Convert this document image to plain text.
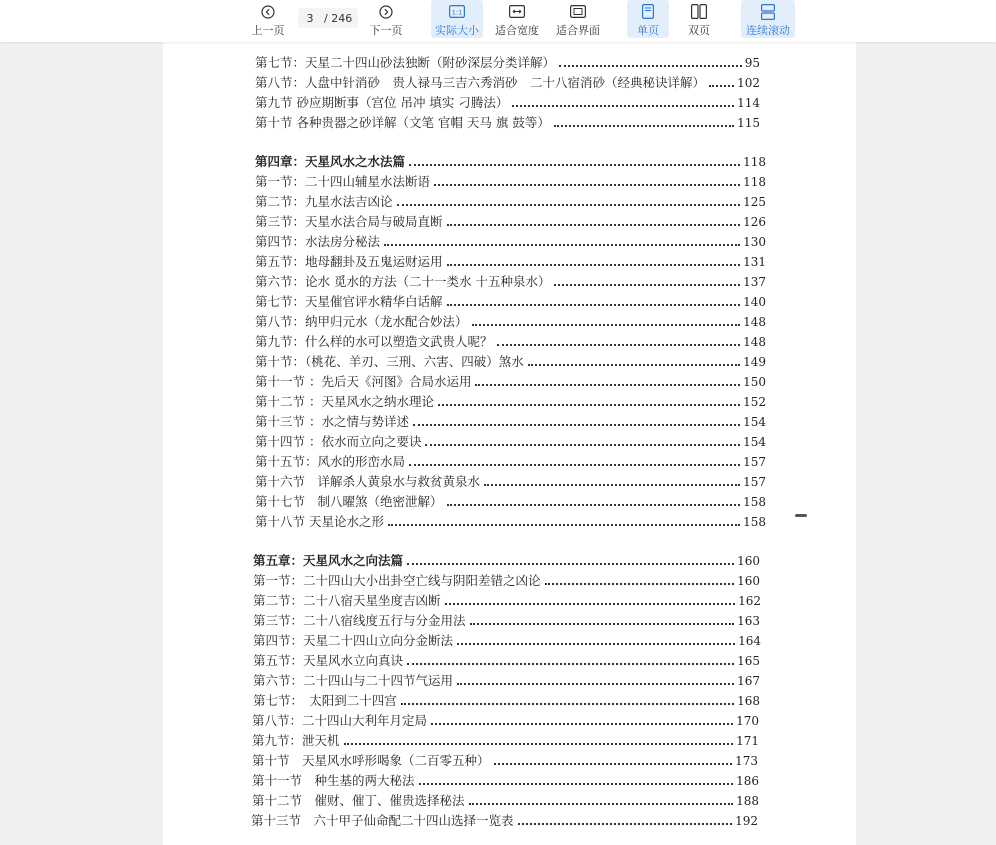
上一页
3 / 246
下一页
1:1
实际大小 适合宽度 适合界面	单页	双页	连续滚动
第七节：天星二十四山砂法独断（附砂深层分类详解）	95
第八节：人盘中针消砂　贵人禄马三吉六秀消砂　二十八宿消砂（经典秘诀详解）	102
第九节 砂应期断事（宫位 吊冲 填实 刁腾法）	114
第十节 各种贵器之砂详解（文笔 官帽 天马 旗 鼓等）	115
第四章：天星风水之水法篇	118
第一节：二十四山辅星水法断语	118
第二节：九星水法吉凶论	125
第三节：天星水法合局与破局直断	126
第四节：水法房分秘法	130
第五节：地母翻卦及五鬼运财运用	131
第六节：论水 觅水的方法（二十一类水 十五种泉水）	137
第七节：天星催官评水精华白话解	140
第八节：纳甲归元水（龙水配合妙法）	148
第九节：什么样的水可以塑造文武贵人呢？	148
第十节：（桃花、羊刃、三刑、六害、四破）煞水	149
第十一节 ：先后天《河图》合局水运用	150
第十二节 ：天星风水之纳水理论	152
第十三节 ：水之情与势详述	154
第十四节 ：依水而立向之要诀	154
第十五节：风水的形峦水局	157
第十六节　详解杀人黄泉水与救贫黄泉水	157
第十七节　制八曜煞（绝密泄解）	158
第十八节 天星论水之形	158
第五章：天星风水之向法篇	160
第一节：二十四山大小出卦空亡线与阴阳差错之凶论	160
第二节：二十八宿天星坐度吉凶断	162
第三节：二十八宿线度五行与分金用法	163
第四节：天星二十四山立向分金断法	164
第五节：天星风水立向真诀	165
第六节：二十四山与二十四节气运用	167
第七节：　太阳到二十四宫	168
第八节：二十四山大利年月定局	170
第九节：泄天机	171
第十节　天星风水呼形喝象（二百零五种）	173
第十一节　种生基的两大秘法	186
第十二节　催财、催丁、催贵选择秘法	188
第十三节　六十甲子仙命配二十四山选择一览表	192
